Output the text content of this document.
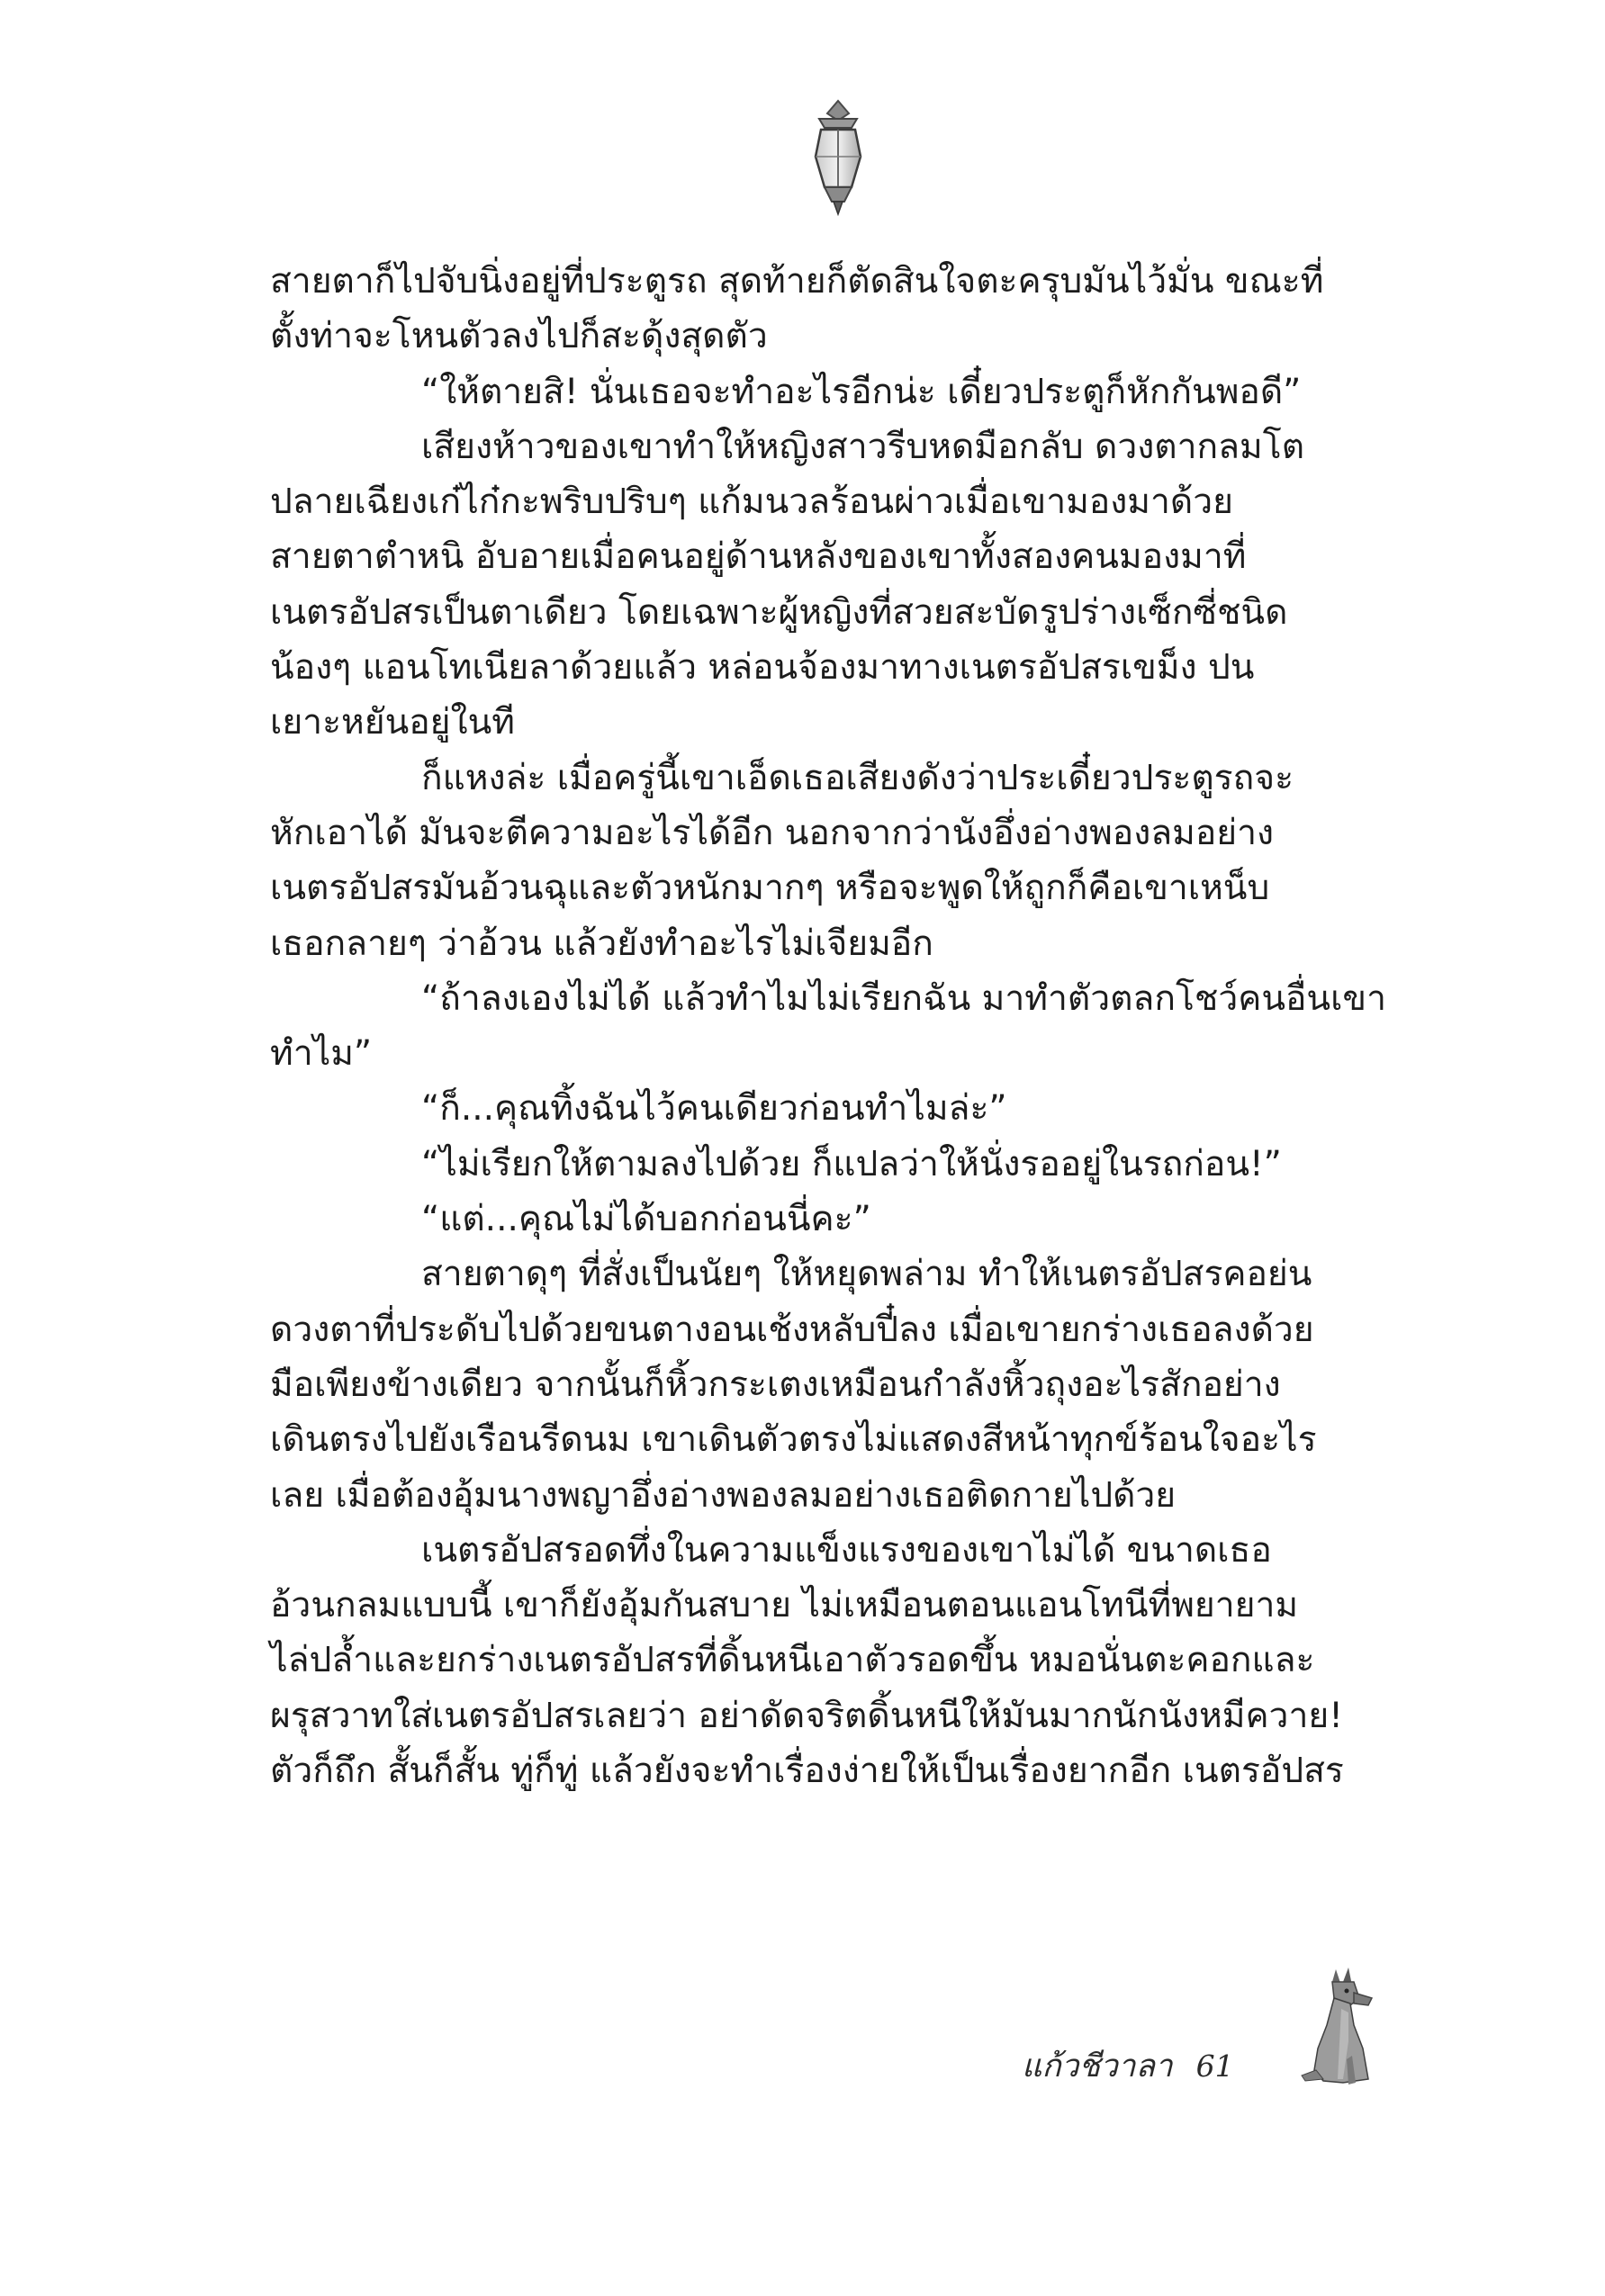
สายตาก็ไปจับนิ่งอยู่ที่ประตูรถ สุดท้ายก็ตัดสินใจตะครุบมันไว้มั่น ขณะที่
ตั้งท่าจะโหนตัวลงไปก็สะดุ้งสุดตัว

“ให้ตายสิ! นั่นเธอจะทำอะไรอีกน่ะ เดี๋ยวประตูก็หักกันพอดี”

เสียงห้าวของเขาทำให้หญิงสาวรีบหดมือกลับ ดวงตากลมโต
ปลายเฉียงเก๋ไก๋กะพริบปริบๆ แก้มนวลร้อนผ่าวเมื่อเขามองมาด้วย
สายตาตำหนิ อับอายเมื่อคนอยู่ด้านหลังของเขาทั้งสองคนมองมาที่
เนตรอัปสรเป็นตาเดียว โดยเฉพาะผู้หญิงที่สวยสะบัดรูปร่างเซ็กซี่ชนิด
น้องๆ แอนโทเนียลาด้วยแล้ว หล่อนจ้องมาทางเนตรอัปสรเขม็ง ปน
เยาะหยันอยู่ในที

ก็แหงล่ะ เมื่อครู่นี้เขาเอ็ดเธอเสียงดังว่าประเดี๋ยวประตูรถจะ
หักเอาได้ มันจะตีความอะไรได้อีก นอกจากว่านังอึ่งอ่างพองลมอย่าง
เนตรอัปสรมันอ้วนฉุและตัวหนักมากๆ หรือจะพูดให้ถูกก็คือเขาเหน็บ
เธอกลายๆ ว่าอ้วน แล้วยังทำอะไรไม่เจียมอีก

“ถ้าลงเองไม่ได้ แล้วทำไมไม่เรียกฉัน มาทำตัวตลกโชว์คนอื่นเขา
ทำไม”

“ก็...คุณทิ้งฉันไว้คนเดียวก่อนทำไมล่ะ”

“ไม่เรียกให้ตามลงไปด้วย ก็แปลว่าให้นั่งรออยู่ในรถก่อน!”

“แต่...คุณไม่ได้บอกก่อนนี่คะ”

สายตาดุๆ ที่สั่งเป็นนัยๆ ให้หยุดพล่าม ทำให้เนตรอัปสรคอย่น
ดวงตาที่ประดับไปด้วยขนตางอนเช้งหลับปี๋ลง เมื่อเขายกร่างเธอลงด้วย
มือเพียงข้างเดียว จากนั้นก็หิ้วกระเตงเหมือนกำลังหิ้วถุงอะไรสักอย่าง
เดินตรงไปยังเรือนรีดนม เขาเดินตัวตรงไม่แสดงสีหน้าทุกข์ร้อนใจอะไร
เลย เมื่อต้องอุ้มนางพญาอึ่งอ่างพองลมอย่างเธอติดกายไปด้วย

เนตรอัปสรอดทึ่งในความแข็งแรงของเขาไม่ได้ ขนาดเธอ
อ้วนกลมแบบนี้ เขาก็ยังอุ้มกันสบาย ไม่เหมือนตอนแอนโทนีที่พยายาม
ไล่ปล้ำและยกร่างเนตรอัปสรที่ดิ้นหนีเอาตัวรอดขึ้น หมอนั่นตะคอกและ
ผรุสวาทใส่เนตรอัปสรเลยว่า อย่าดัดจริตดิ้นหนีให้มันมากนักนังหมีควาย!
ตัวก็ถึก สั้นก็สั้น ทู่ก็ทู่ แล้วยังจะทำเรื่องง่ายให้เป็นเรื่องยากอีก เนตรอัปสร

แก้วชีวาลา 61
